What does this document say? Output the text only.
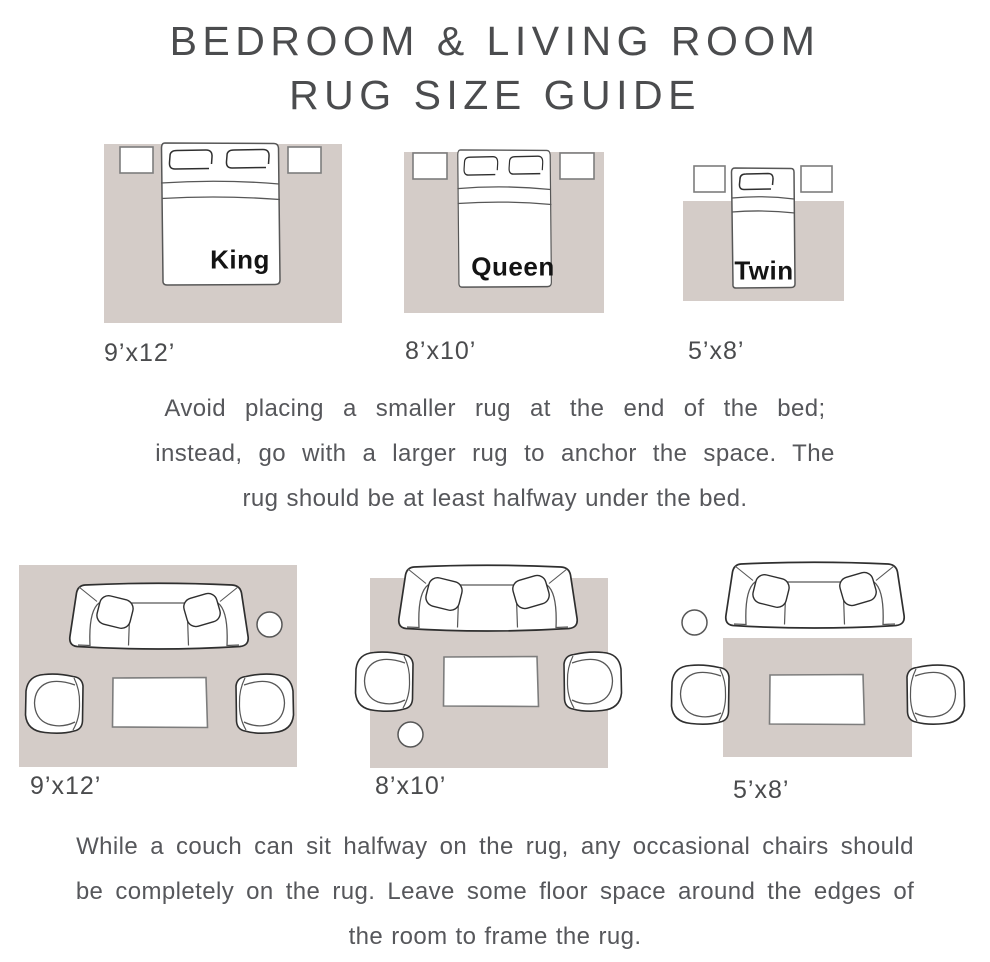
BEDROOM & LIVING ROOM
RUG SIZE GUIDE
King
9’x12’
Queen
8’x10’
Twin
5’x8’
Avoid placing a smaller rug at the end of the bed;
instead, go with a larger rug to anchor the space. The
rug should be at least halfway under the bed.
9’x12’	8’x10’	5’x8’
While a couch can sit halfway on the rug, any occasional chairs should
be completely on the rug. Leave some floor space around the edges of
the room to frame the rug.
